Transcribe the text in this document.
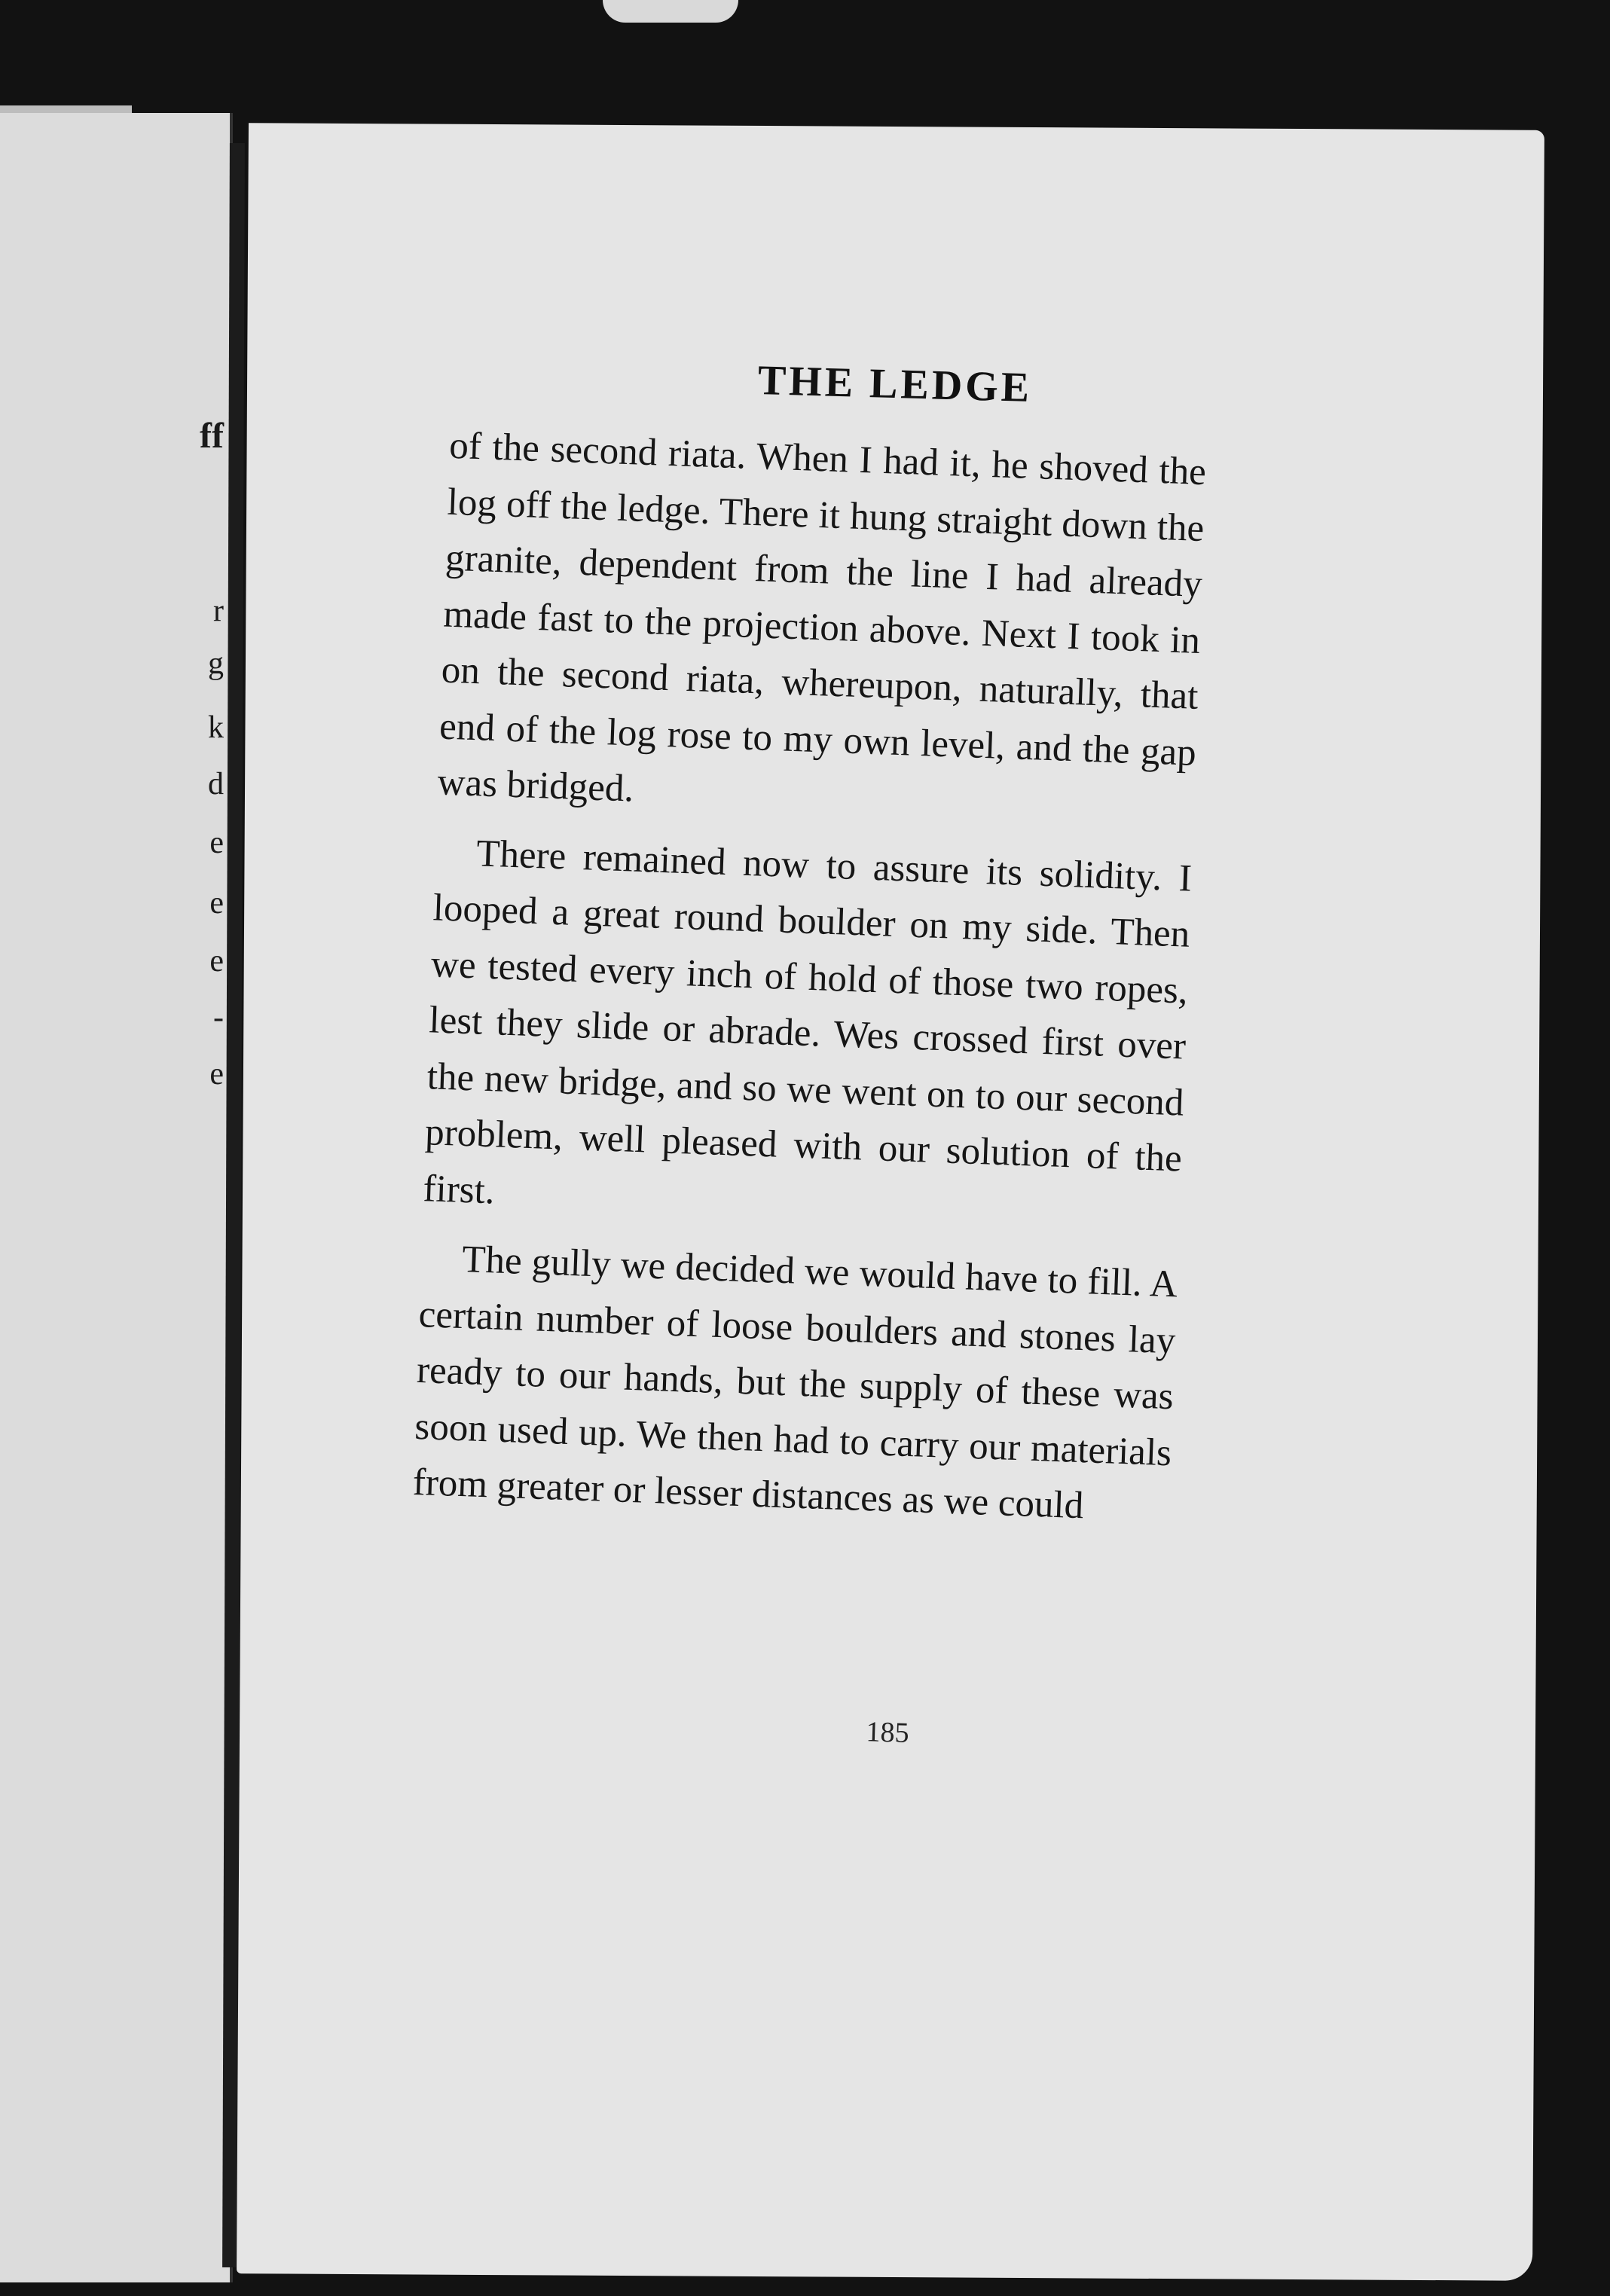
ff
r
g
k
d
e
e
e
-
e
THE LEDGE

of the second riata. When I had it, he shoved the log off the ledge. There it hung straight down the granite, dependent from the line I had already made fast to the projection above. Next I took in on the second riata, whereupon, naturally, that end of the log rose to my own level, and the gap was bridged.

There remained now to assure its solidity. I looped a great round boulder on my side. Then we tested every inch of hold of those two ropes, lest they slide or abrade. Wes crossed first over the new bridge, and so we went on to our second problem, well pleased with our solution of the first.

The gully we decided we would have to fill. A certain number of loose boulders and stones lay ready to our hands, but the supply of these was soon used up. We then had to carry our materials from greater or lesser distances as we could

185
